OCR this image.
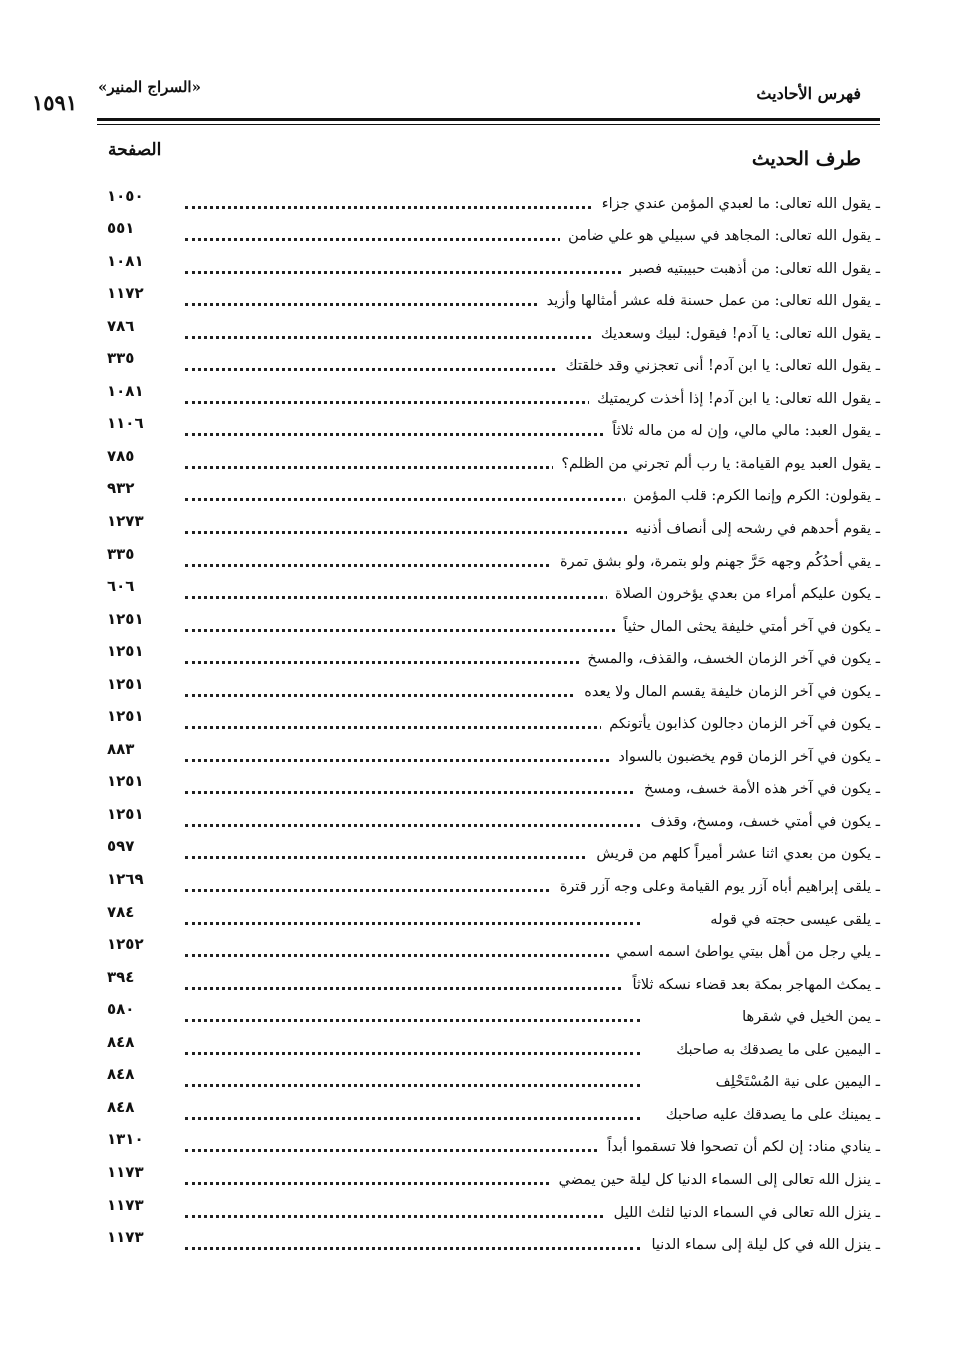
فهرس الأحاديث
«السراج المنير»
١٥٩١
طرف الحديث
الصفحة
ـ يقول الله تعالى: ما لعبدي المؤمن عندي جزاء
١٠٥٠
ـ يقول الله تعالى: المجاهد في سبيلي هو علي ضامن
٥٥١
ـ يقول الله تعالى: من أذهبت حبيبتيه فصبر
١٠٨١
ـ يقول الله تعالى: من عمل حسنة فله عشر أمثالها وأزيد
١١٧٢
ـ يقول الله تعالى: يا آدم! فيقول: لبيك وسعديك
٧٨٦
ـ يقول الله تعالى: يا ابن آدم! أنى تعجزني وقد خلقتك
٣٣٥
ـ يقول الله تعالى: يا ابن آدم! إذا أخذت كريمتيك
١٠٨١
ـ يقول العبد: مالي مالي، وإن له من ماله ثلاثاً
١١٠٦
ـ يقول العبد يوم القيامة: يا رب ألم تجرني من الظلم؟
٧٨٥
ـ يقولون: الكرم وإنما الكرم: قلب المؤمن
٩٣٢
ـ يقوم أحدهم في رشحه إلى أنصاف أذنيه
١٢٧٣
ـ يقي أحدُكُم وجهه حَرَّ جهنم ولو بتمرة، ولو بشق تمرة
٣٣٥
ـ يكون عليكم أمراء من بعدي يؤخرون الصلاة
٦٠٦
ـ يكون في آخر أمتي خليفة يحثى المال حثياً
١٢٥١
ـ يكون في آخر الزمان الخسف، والقذف، والمسخ
١٢٥١
ـ يكون في آخر الزمان خليفة يقسم المال ولا يعده
١٢٥١
ـ يكون في آخر الزمان دجالون كذابون يأتونكم
١٢٥١
ـ يكون في آخر الزمان قوم يخضبون بالسواد
٨٨٣
ـ يكون في آخر هذه الأمة خسف، ومسخ
١٢٥١
ـ يكون في أمتي خسف، ومسخ، وقذف
١٢٥١
ـ يكون من بعدي اثنا عشر أميراً كلهم من قريش
٥٩٧
ـ يلقى إبراهيم أباه آزر يوم القيامة وعلى وجه آزر قترة
١٢٦٩
ـ يلقى عيسى حجته في قوله
٧٨٤
ـ يلي رجل من أهل بيتي يواطئ اسمه اسمي
١٢٥٢
ـ يمكث المهاجر بمكة بعد قضاء نسكه ثلاثاً
٣٩٤
ـ يمن الخيل في شقرها
٥٨٠
ـ اليمين على ما يصدقك به صاحبك
٨٤٨
ـ اليمين على نية المُسْتَحْلِف
٨٤٨
ـ يمينك على ما يصدقك عليه صاحبك
٨٤٨
ـ ينادي مناد: إن لكم أن تصحوا فلا تسقموا أبداً
١٣١٠
ـ ينزل الله تعالى إلى السماء الدنيا كل ليلة حين يمضي
١١٧٣
ـ ينزل الله تعالى في السماء الدنيا لثلث الليل
١١٧٣
ـ ينزل الله في كل ليلة إلى سماء الدنيا
١١٧٣
